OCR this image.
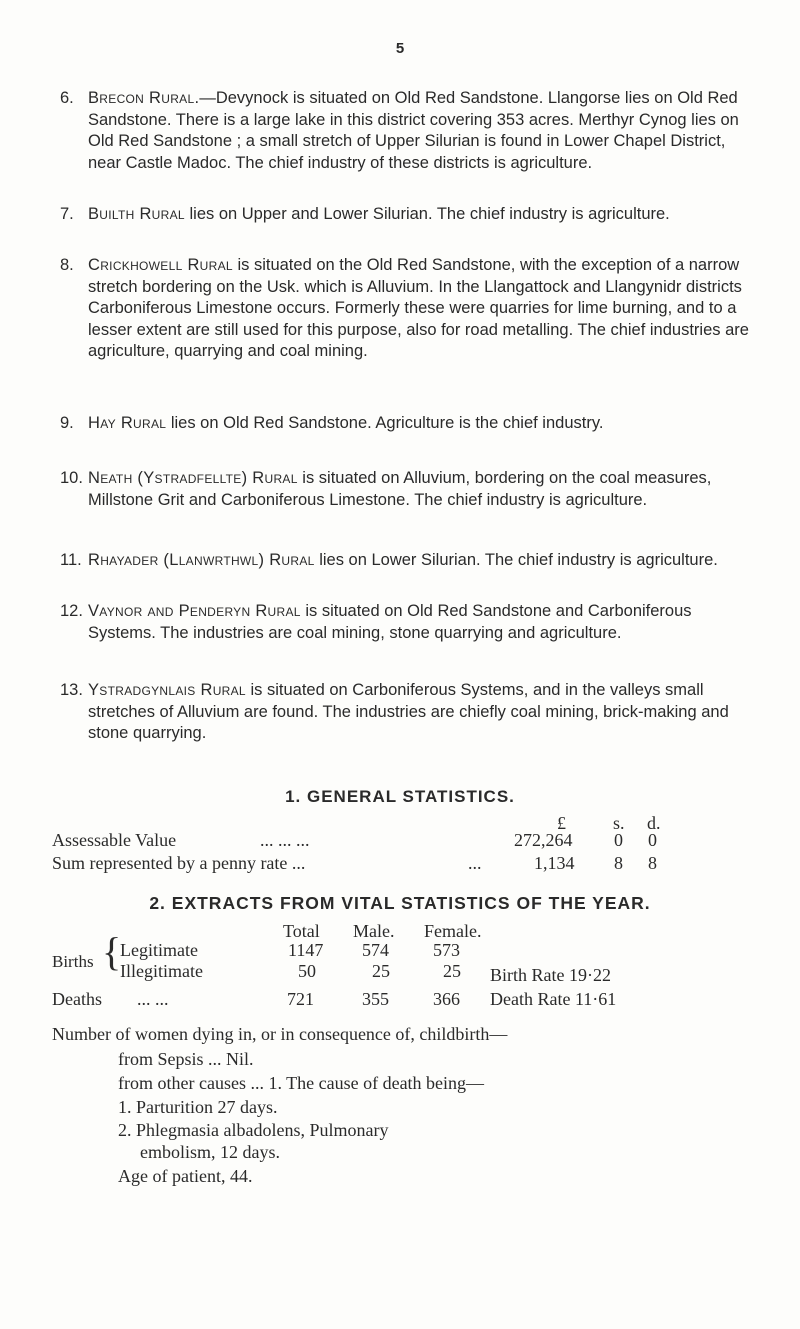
5
6. Brecon Rural.—Devynock is situated on Old Red Sandstone. Llangorse lies on Old Red Sandstone. There is a large lake in this district covering 353 acres. Merthyr Cynog lies on Old Red Sandstone ; a small stretch of Upper Silurian is found in Lower Chapel District, near Castle Madoc. The chief industry of these districts is agriculture.
7. Builth Rural lies on Upper and Lower Silurian. The chief industry is agriculture.
8. Crickhowell Rural is situated on the Old Red Sandstone, with the exception of a narrow stretch bordering on the Usk. which is Alluvium. In the Llangattock and Llangynidr districts Carboniferous Limestone occurs. Formerly these were quarries for lime burning, and to a lesser extent are still used for this purpose, also for road metalling. The chief industries are agriculture, quarrying and coal mining.
9. Hay Rural lies on Old Red Sandstone. Agriculture is the chief industry.
10. Neath (Ystradfellte) Rural is situated on Alluvium, bordering on the coal measures, Millstone Grit and Carboniferous Limestone. The chief industry is agriculture.
11. Rhayader (Llanwrthwl) Rural lies on Lower Silurian. The chief industry is agriculture.
12. Vaynor and Penderyn Rural is situated on Old Red Sandstone and Carboniferous Systems. The industries are coal mining, stone quarrying and agriculture.
13. Ystradgynlais Rural is situated on Carboniferous Systems, and in the valleys small stretches of Alluvium are found. The industries are chiefly coal mining, brick-making and stone quarrying.
1. GENERAL STATISTICS.
£	s. d.
Assessable Value	... ... ...	272,264 0 0
Sum represented by a penny rate ...	...	1,134 8 8
2. EXTRACTS FROM VITAL STATISTICS OF THE YEAR.
Total Male. Female.
Births {
Legitimate	1147 574 573
Illegitimate	50	25	25 Birth Rate 19·22
Deaths ... ...	721	355 366 Death Rate 11·61
Number of women dying in, or in consequence of, childbirth—
from Sepsis ... Nil.
from other causes ... 1. The cause of death being—
1. Parturition 27 days.
2. Phlegmasia albadolens, Pulmonary
embolism, 12 days.
Age of patient, 44.
